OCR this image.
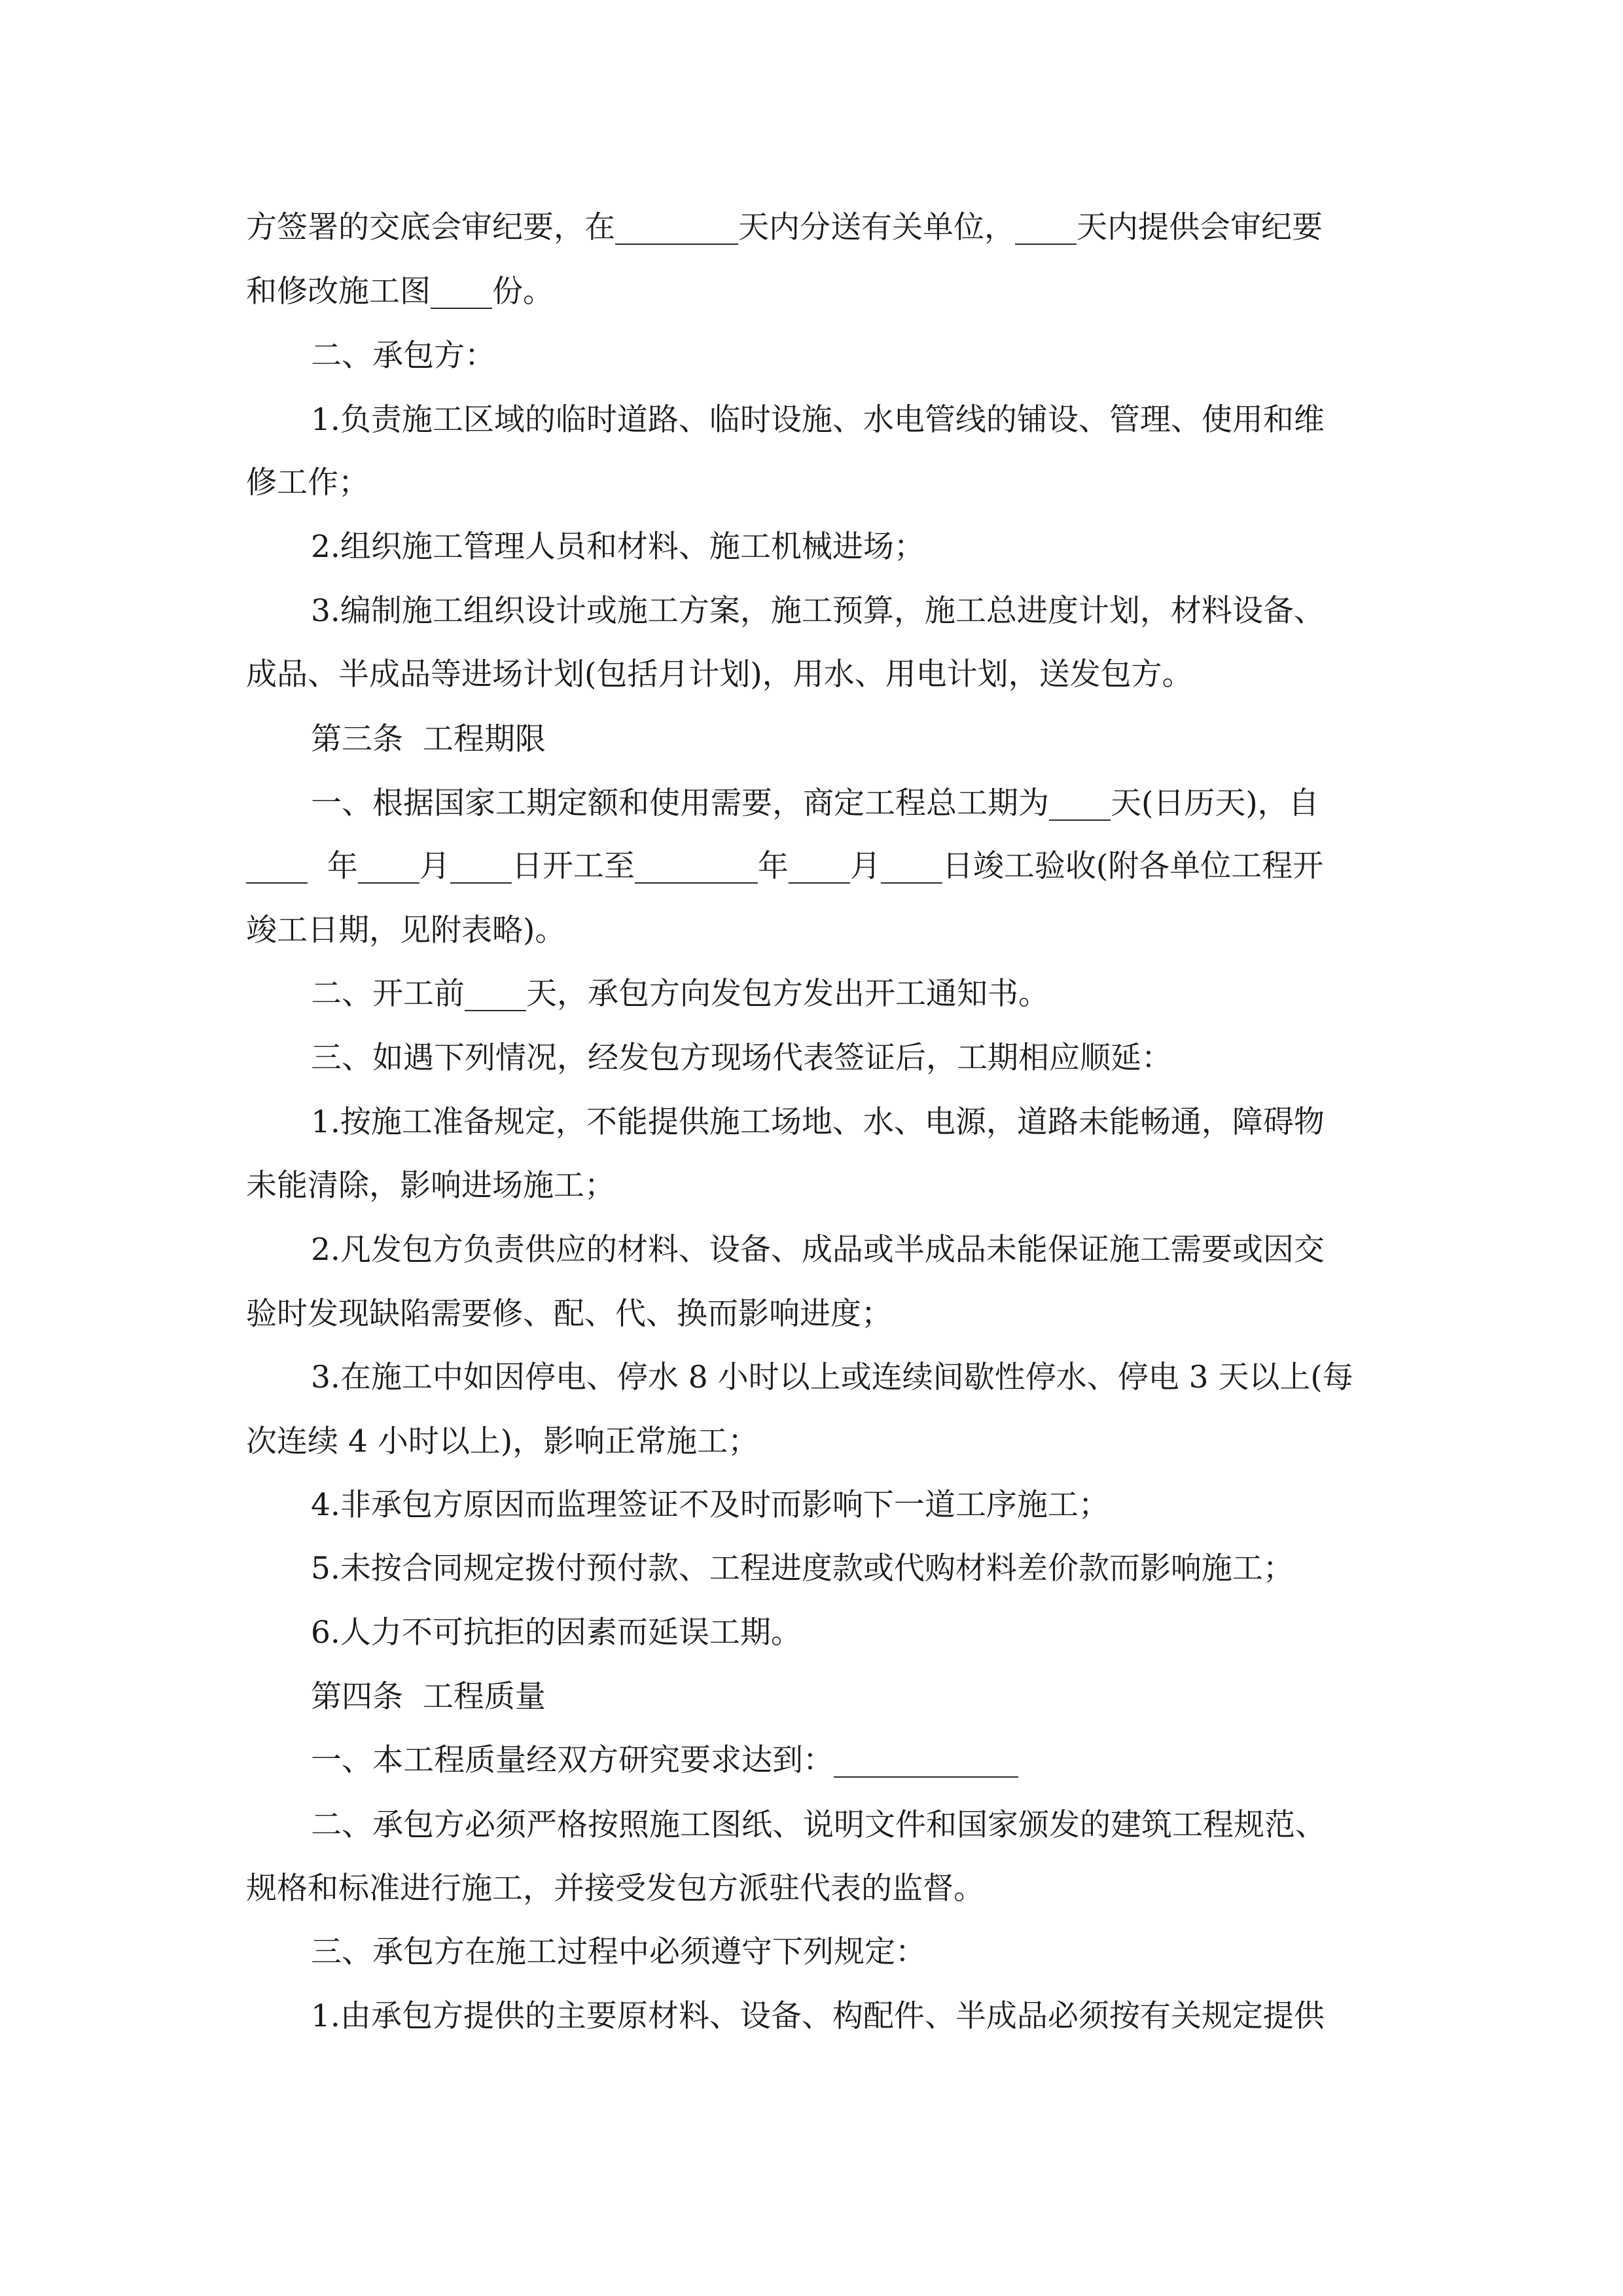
方签署的交底会审纪要，在________天内分送有关单位，____天内提供会审纪要
和修改施工图____份。
二、承包方：
1.负责施工区域的临时道路、临时设施、水电管线的铺设、管理、使用和维
修工作；
2.组织施工管理人员和材料、施工机械进场；
3.编制施工组织设计或施工方案，施工预算，施工总进度计划，材料设备、
成品、半成品等进场计划(包括月计划)，用水、用电计划，送发包方。
第三条  工程期限
一、根据国家工期定额和使用需要，商定工程总工期为____天(日历天)，自
____  年____月____日开工至________年____月____日竣工验收(附各单位工程开
竣工日期，见附表略)。
二、开工前____天，承包方向发包方发出开工通知书。
三、如遇下列情况，经发包方现场代表签证后，工期相应顺延：
1.按施工准备规定，不能提供施工场地、水、电源，道路未能畅通，障碍物
未能清除，影响进场施工；
2.凡发包方负责供应的材料、设备、成品或半成品未能保证施工需要或因交
验时发现缺陷需要修、配、代、换而影响进度；
3.在施工中如因停电、停水 8 小时以上或连续间歇性停水、停电 3 天以上(每
次连续 4 小时以上)，影响正常施工；
4.非承包方原因而监理签证不及时而影响下一道工序施工；
5.未按合同规定拨付预付款、工程进度款或代购材料差价款而影响施工；
6.人力不可抗拒的因素而延误工期。
第四条  工程质量
一、本工程质量经双方研究要求达到：____________
二、承包方必须严格按照施工图纸、说明文件和国家颁发的建筑工程规范、
规格和标准进行施工，并接受发包方派驻代表的监督。
三、承包方在施工过程中必须遵守下列规定：
1.由承包方提供的主要原材料、设备、构配件、半成品必须按有关规定提供
